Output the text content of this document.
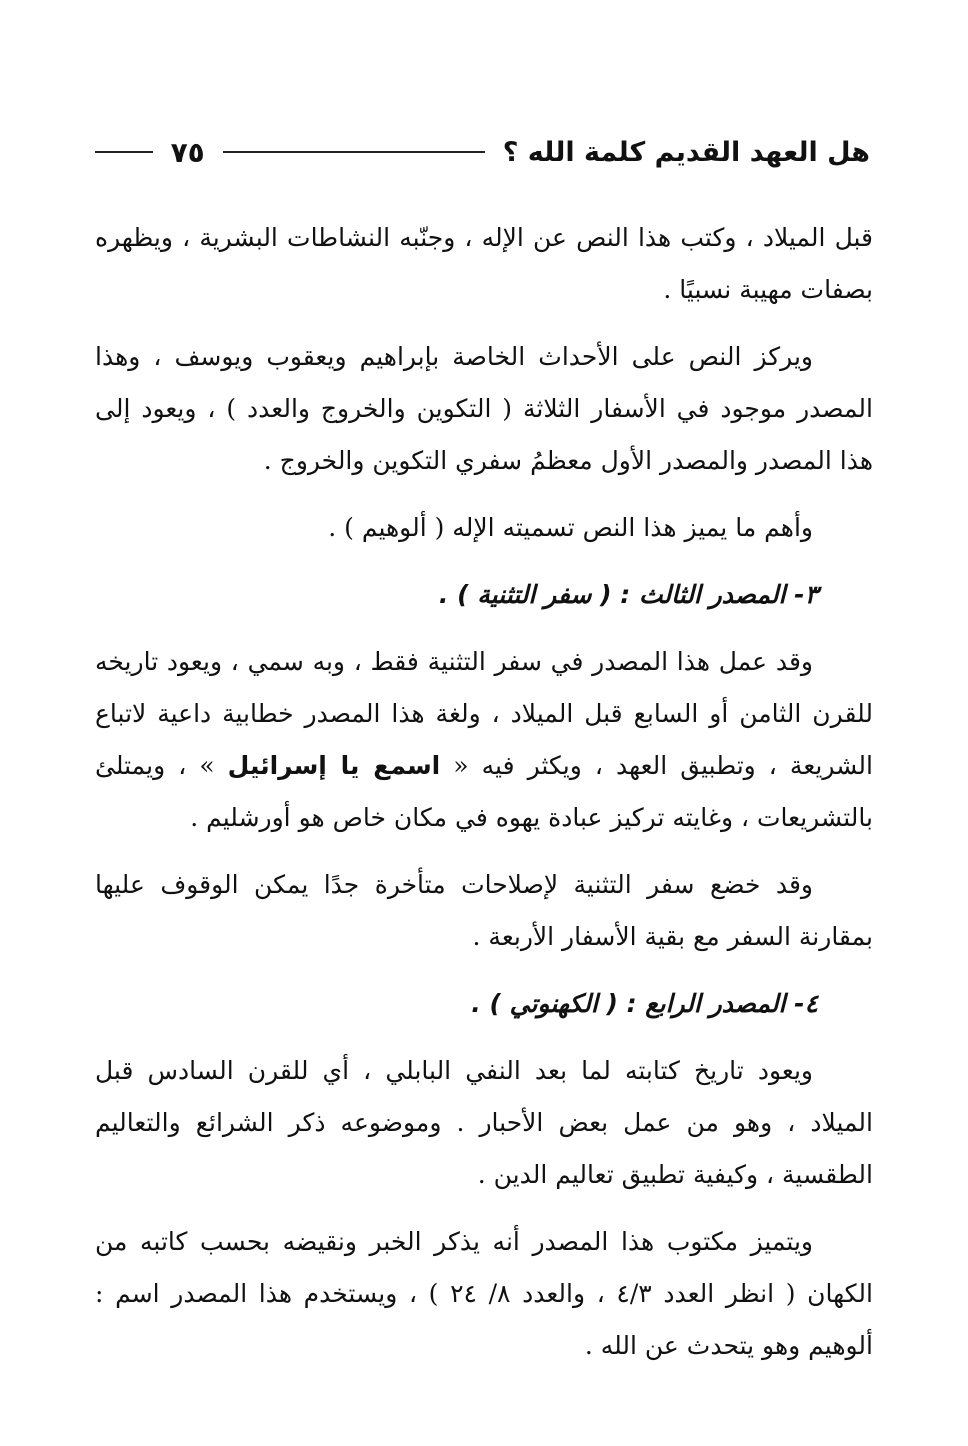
هل العهد القديم كلمة الله ؟
٧٥

قبل الميلاد ، وكتب هذا النص عن الإله ، وجنّبه النشاطات البشرية ، ويظهره بصفات مهيبة نسبيًا .

ويركز النص على الأحداث الخاصة بإبراهيم ويعقوب ويوسف ، وهذا المصدر موجود في الأسفار الثلاثة ( التكوين والخروج والعدد ) ، ويعود إلى هذا المصدر والمصدر الأول معظمُ سفري التكوين والخروج .

وأهم ما يميز هذا النص تسميته الإله ( ألوهيم ) .

٣- المصدر الثالث : ( سفر التثنية ) .

وقد عمل هذا المصدر في سفر التثنية فقط ، وبه سمي ، ويعود تاريخه للقرن الثامن أو السابع قبل الميلاد ، ولغة هذا المصدر خطابية داعية لاتباع الشريعة ، وتطبيق العهد ، ويكثر فيه « اسمع يا إسرائيل » ، ويمتلئ بالتشريعات ، وغايته تركيز عبادة يهوه في مكان خاص هو أورشليم .

وقد خضع سفر التثنية لإصلاحات متأخرة جدًا يمكن الوقوف عليها بمقارنة السفر مع بقية الأسفار الأربعة .

٤- المصدر الرابع : ( الكهنوتي ) .

ويعود تاريخ كتابته لما بعد النفي البابلي ، أي للقرن السادس قبل الميلاد ، وهو من عمل بعض الأحبار . وموضوعه ذكر الشرائع والتعاليم الطقسية ، وكيفية تطبيق تعاليم الدين .

ويتميز مكتوب هذا المصدر أنه يذكر الخبر ونقيضه بحسب كاتبه من الكهان ( انظر العدد ٤/٣ ، والعدد ٨/ ٢٤ ) ، ويستخدم هذا المصدر اسم : ألوهيم وهو يتحدث عن الله .
